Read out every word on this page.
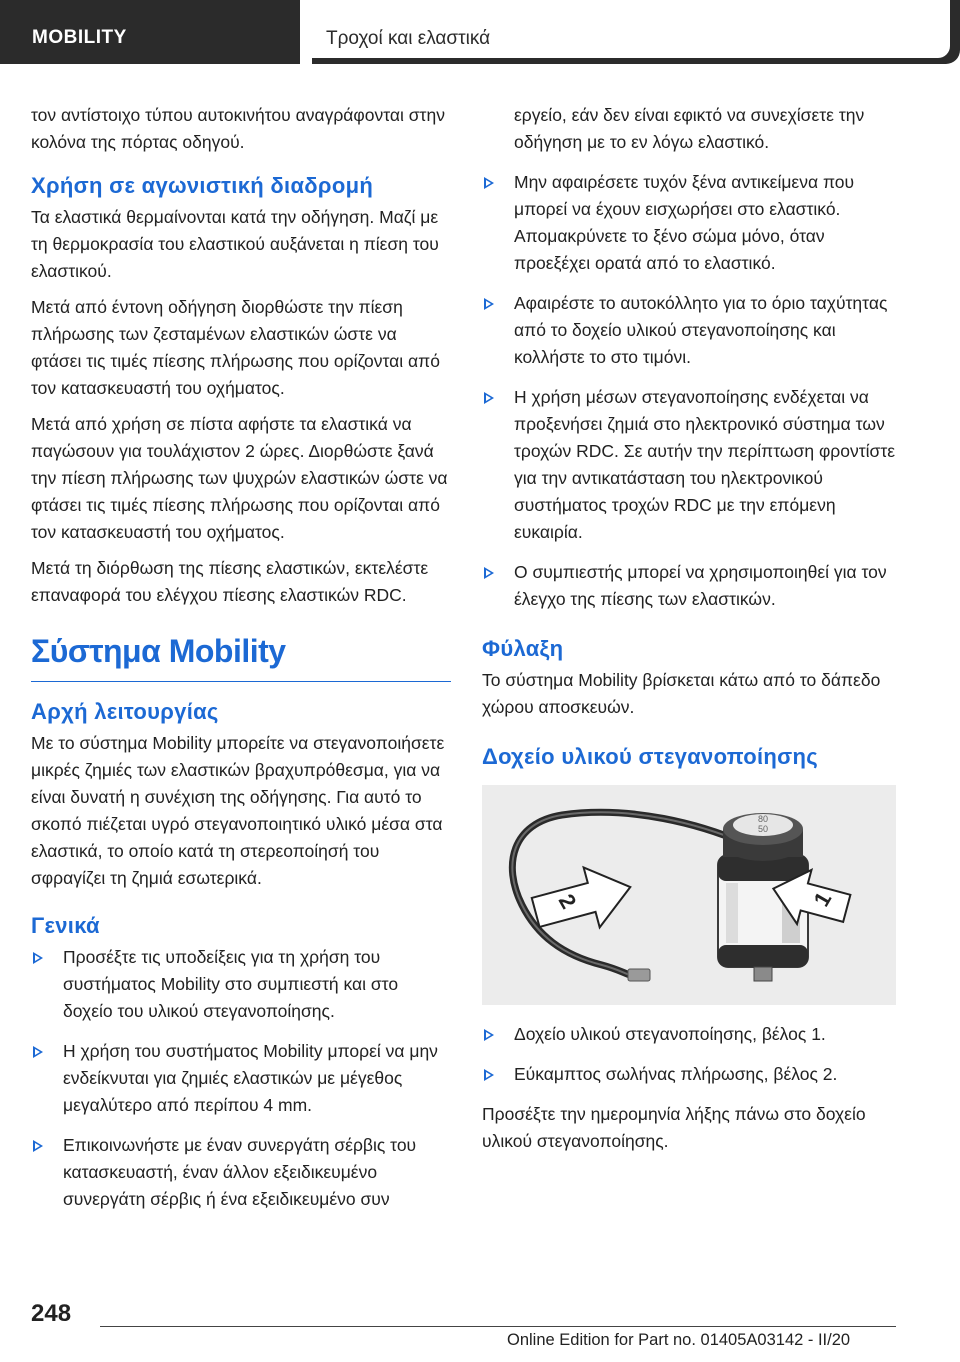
MOBILITY	Τροχοί και ελαστικά
τον αντίστοιχο τύπου αυτοκινήτου αναγράφονται στην κολόνα της πόρτας οδηγού.
Χρήση σε αγωνιστική διαδρομή
Τα ελαστικά θερμαίνονται κατά την οδήγηση. Μαζί με τη θερμοκρασία του ελαστικού αυξάνεται η πίεση του ελαστικού.
Μετά από έντονη οδήγηση διορθώστε την πίεση πλήρωσης των ζεσταμένων ελαστικών ώστε να φτάσει τις τιμές πίεσης πλήρωσης που ορίζονται από τον κατασκευαστή του οχήματος.
Μετά από χρήση σε πίστα αφήστε τα ελαστικά να παγώσουν για τουλάχιστον 2 ώρες. Διορθώστε ξανά την πίεση πλήρωσης των ψυχρών ελαστικών ώστε να φτάσει τις τιμές πίεσης πλήρωσης που ορίζονται από τον κατασκευαστή του οχήματος.
Μετά τη διόρθωση της πίεσης ελαστικών, εκτελέστε επαναφορά του ελέγχου πίεσης ελαστικών RDC.
Σύστημα Mobility
Αρχή λειτουργίας
Με το σύστημα Mobility μπορείτε να στεγανοποιήσετε μικρές ζημιές των ελαστικών βραχυπρόθεσμα, για να είναι δυνατή η συνέχιση της οδήγησης. Για αυτό το σκοπό πιέζεται υγρό στεγανοποιητικό υλικό μέσα στα ελαστικά, το οποίο κατά τη στερεοποίησή του σφραγίζει τη ζημιά εσωτερικά.
Γενικά
Προσέξτε τις υποδείξεις για τη χρήση του συστήματος Mobility στο συμπιεστή και στο δοχείο του υλικού στεγανοποίησης.
Η χρήση του συστήματος Mobility μπορεί να μην ενδείκνυται για ζημιές ελαστικών με μέγεθος μεγαλύτερο από περίπου 4 mm.
Επικοινωνήστε με έναν συνεργάτη σέρβις του κατασκευαστή, έναν άλλον εξειδικευμένο συνεργάτη σέρβις ή ένα εξειδικευμένο συν
εργείο, εάν δεν είναι εφικτό να συνεχίσετε την οδήγηση με το εν λόγω ελαστικό.
Μην αφαιρέσετε τυχόν ξένα αντικείμενα που μπορεί να έχουν εισχωρήσει στο ελαστικό. Απομακρύνετε το ξένο σώμα μόνο, όταν προεξέχει ορατά από το ελαστικό.
Αφαιρέστε το αυτοκόλλητο για το όριο ταχύτητας από το δοχείο υλικού στεγανοποίησης και κολλήστε το στο τιμόνι.
Η χρήση μέσων στεγανοποίησης ενδέχεται να προξενήσει ζημιά στο ηλεκτρονικό σύστημα των τροχών RDC. Σε αυτήν την περίπτωση φροντίστε για την αντικατάσταση του ηλεκτρονικού συστήματος τροχών RDC με την επόμενη ευκαιρία.
Ο συμπιεστής μπορεί να χρησιμοποιηθεί για τον έλεγχο της πίεσης των ελαστικών.
Φύλαξη
Το σύστημα Mobility βρίσκεται κάτω από το δάπεδο χώρου αποσκευών.
Δοχείο υλικού στεγανοποίησης
80
50
2	1
Δοχείο υλικού στεγανοποίησης, βέλος 1.
Εύκαμπτος σωλήνας πλήρωσης, βέλος 2.
Προσέξτε την ημερομηνία λήξης πάνω στο δοχείο υλικού στεγανοποίησης.
248
Online Edition for Part no. 01405A03142 - II/20
